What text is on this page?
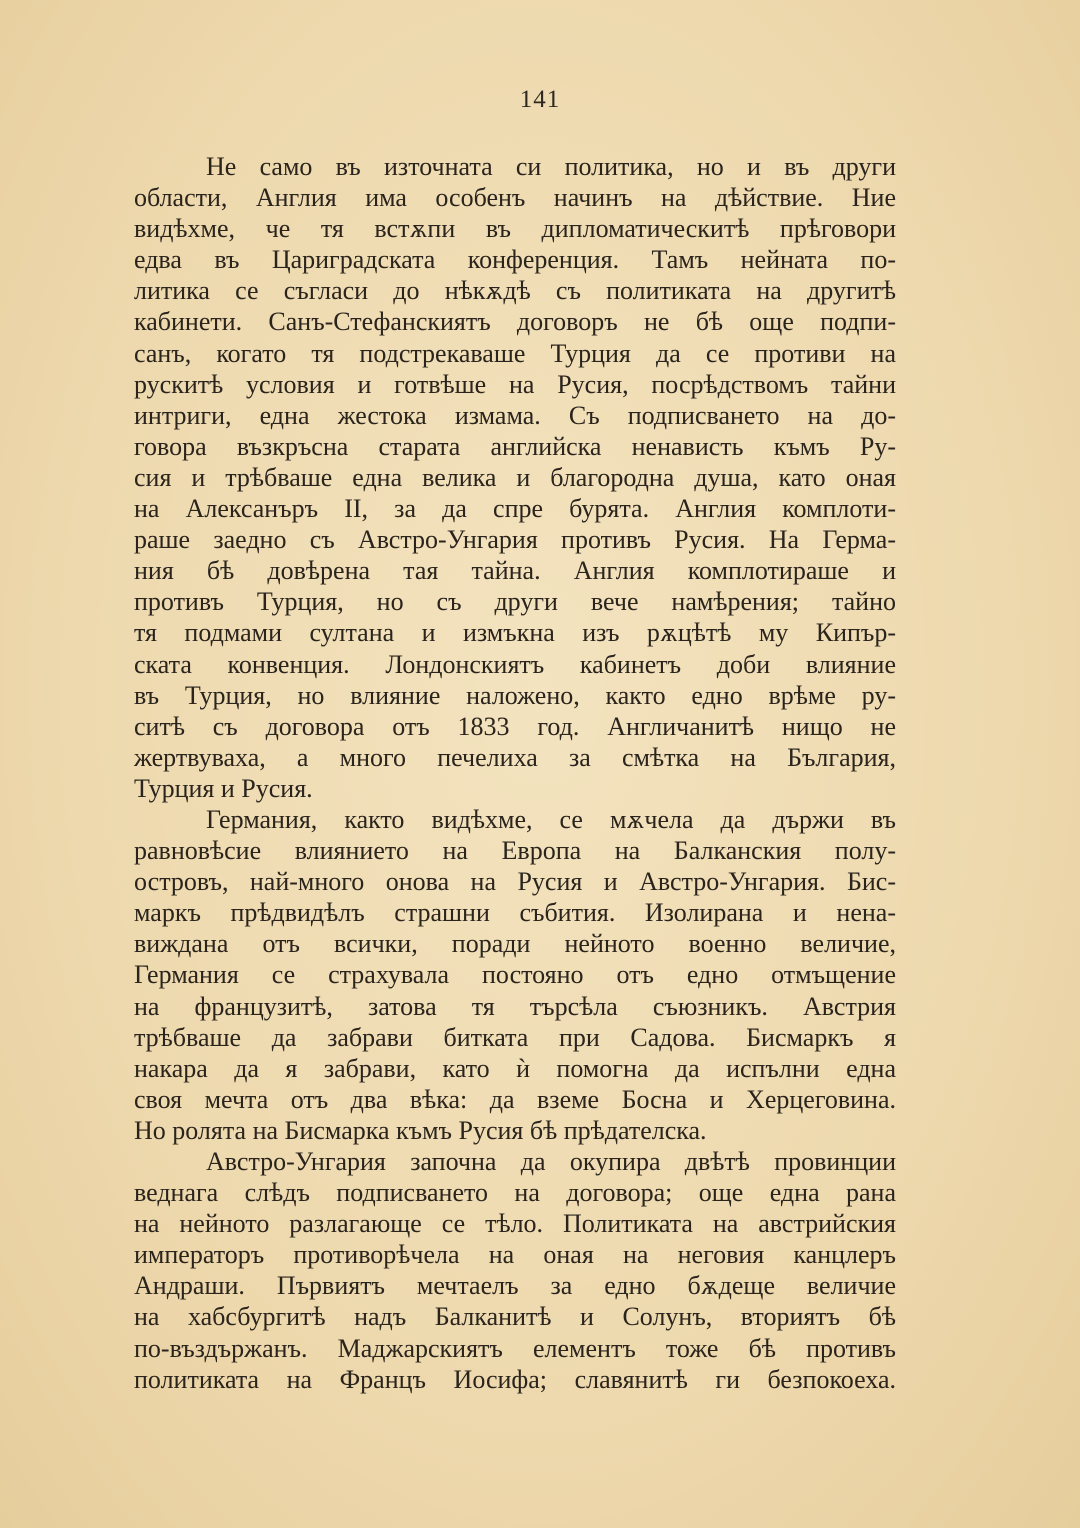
141
Не само въ източната си политика, но и въ други
области, Англия има особенъ начинъ на дѣйствие. Ние
видѣхме, че тя встѫпи въ дипломатическитѣ прѣговори
едва въ Цариградската конференция. Тамъ нейната по-
литика се съгласи до нѣкѫдѣ съ политиката на другитѣ
кабинети. Санъ-Стефанскиятъ договоръ не бѣ още подпи-
санъ, когато тя подстрекаваше Турция да се противи на
рускитѣ условия и готвѣше на Русия, посрѣдствомъ тайни
интриги, една жестока измама. Съ подписването на до-
говора възкръсна старата английска ненависть къмъ Ру-
сия и трѣбваше една велика и благородна душа, като оная
на Алексанъръ II, за да спре бурята. Англия комплоти-
раше заедно съ Австро-Унгария противъ Русия. На Герма-
ния бѣ довѣрена тая тайна. Англия комплотираше и
противъ Турция, но съ други вече намѣрения; тайно
тя подмами султана и измъкна изъ рѫцѣтѣ му Кипър-
ската конвенция. Лондонскиятъ кабинетъ доби влияние
въ Турция, но влияние наложено, както едно врѣме ру-
ситѣ съ договора отъ 1833 год. Англичанитѣ нищо не
жертвуваха, а много печелиха за смѣтка на България,
Турция и Русия.
Германия, както видѣхме, се мѫчела да държи въ
равновѣсие влиянието на Европа на Балканския полу-
островъ, най-много онова на Русия и Австро-Унгария. Бис-
маркъ прѣдвидѣлъ страшни събития. Изолирана и нена-
виждана отъ всички, поради нейното военно величие,
Германия се страхувала постояно отъ едно отмъщение
на французитѣ, затова тя търсѣла съюзникъ. Австрия
трѣбваше да забрави битката при Садова. Бисмаркъ я
накара да я забрави, като ѝ помогна да испълни една
своя мечта отъ два вѣка: да вземе Босна и Херцеговина.
Но ролята на Бисмарка къмъ Русия бѣ прѣдателска.
Австро-Унгария започна да окупира двѣтѣ провинции
веднага слѣдъ подписването на договора; още една рана
на нейното разлагающе се тѣло. Политиката на австрийския
императоръ противорѣчела на оная на неговия канцлеръ
Андраши. Първиятъ мечтаелъ за едно бѫдеще величие
на хабсбургитѣ надъ Балканитѣ и Солунъ, вториятъ бѣ
по-въздържанъ. Маджарскиятъ елементъ тоже бѣ противъ
политиката на Францъ Иосифа; славянитѣ ги безпокоеха.
